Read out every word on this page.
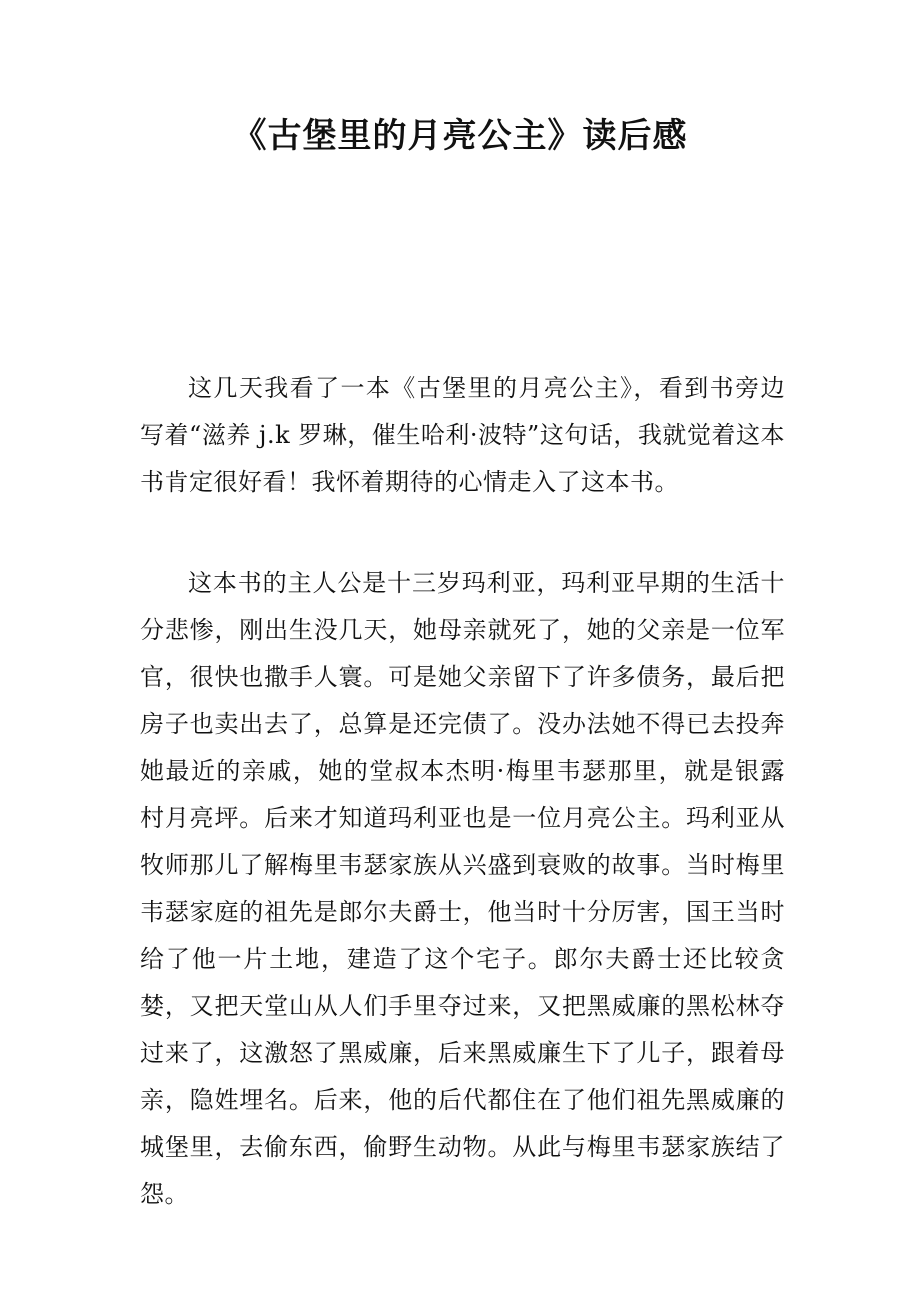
《古堡里的月亮公主》读后感

这几天我看了一本《古堡里的月亮公主》，看到书旁边写着“滋养 j.k 罗琳，催生哈利·波特”这句话，我就觉着这本书肯定很好看！我怀着期待的心情走入了这本书。

这本书的主人公是十三岁玛利亚，玛利亚早期的生活十分悲惨，刚出生没几天，她母亲就死了，她的父亲是一位军官，很快也撒手人寰。可是她父亲留下了许多债务，最后把房子也卖出去了，总算是还完债了。没办法她不得已去投奔她最近的亲戚，她的堂叔本杰明·梅里韦瑟那里，就是银露村月亮坪。后来才知道玛利亚也是一位月亮公主。玛利亚从牧师那儿了解梅里韦瑟家族从兴盛到衰败的故事。当时梅里韦瑟家庭的祖先是郎尔夫爵士，他当时十分厉害，国王当时给了他一片土地，建造了这个宅子。郎尔夫爵士还比较贪婪，又把天堂山从人们手里夺过来，又把黑威廉的黑松林夺过来了，这激怒了黑威廉，后来黑威廉生下了儿子，跟着母亲，隐姓埋名。后来，他的后代都住在了他们祖先黑威廉的城堡里，去偷东西，偷野生动物。从此与梅里韦瑟家族结了怨。
